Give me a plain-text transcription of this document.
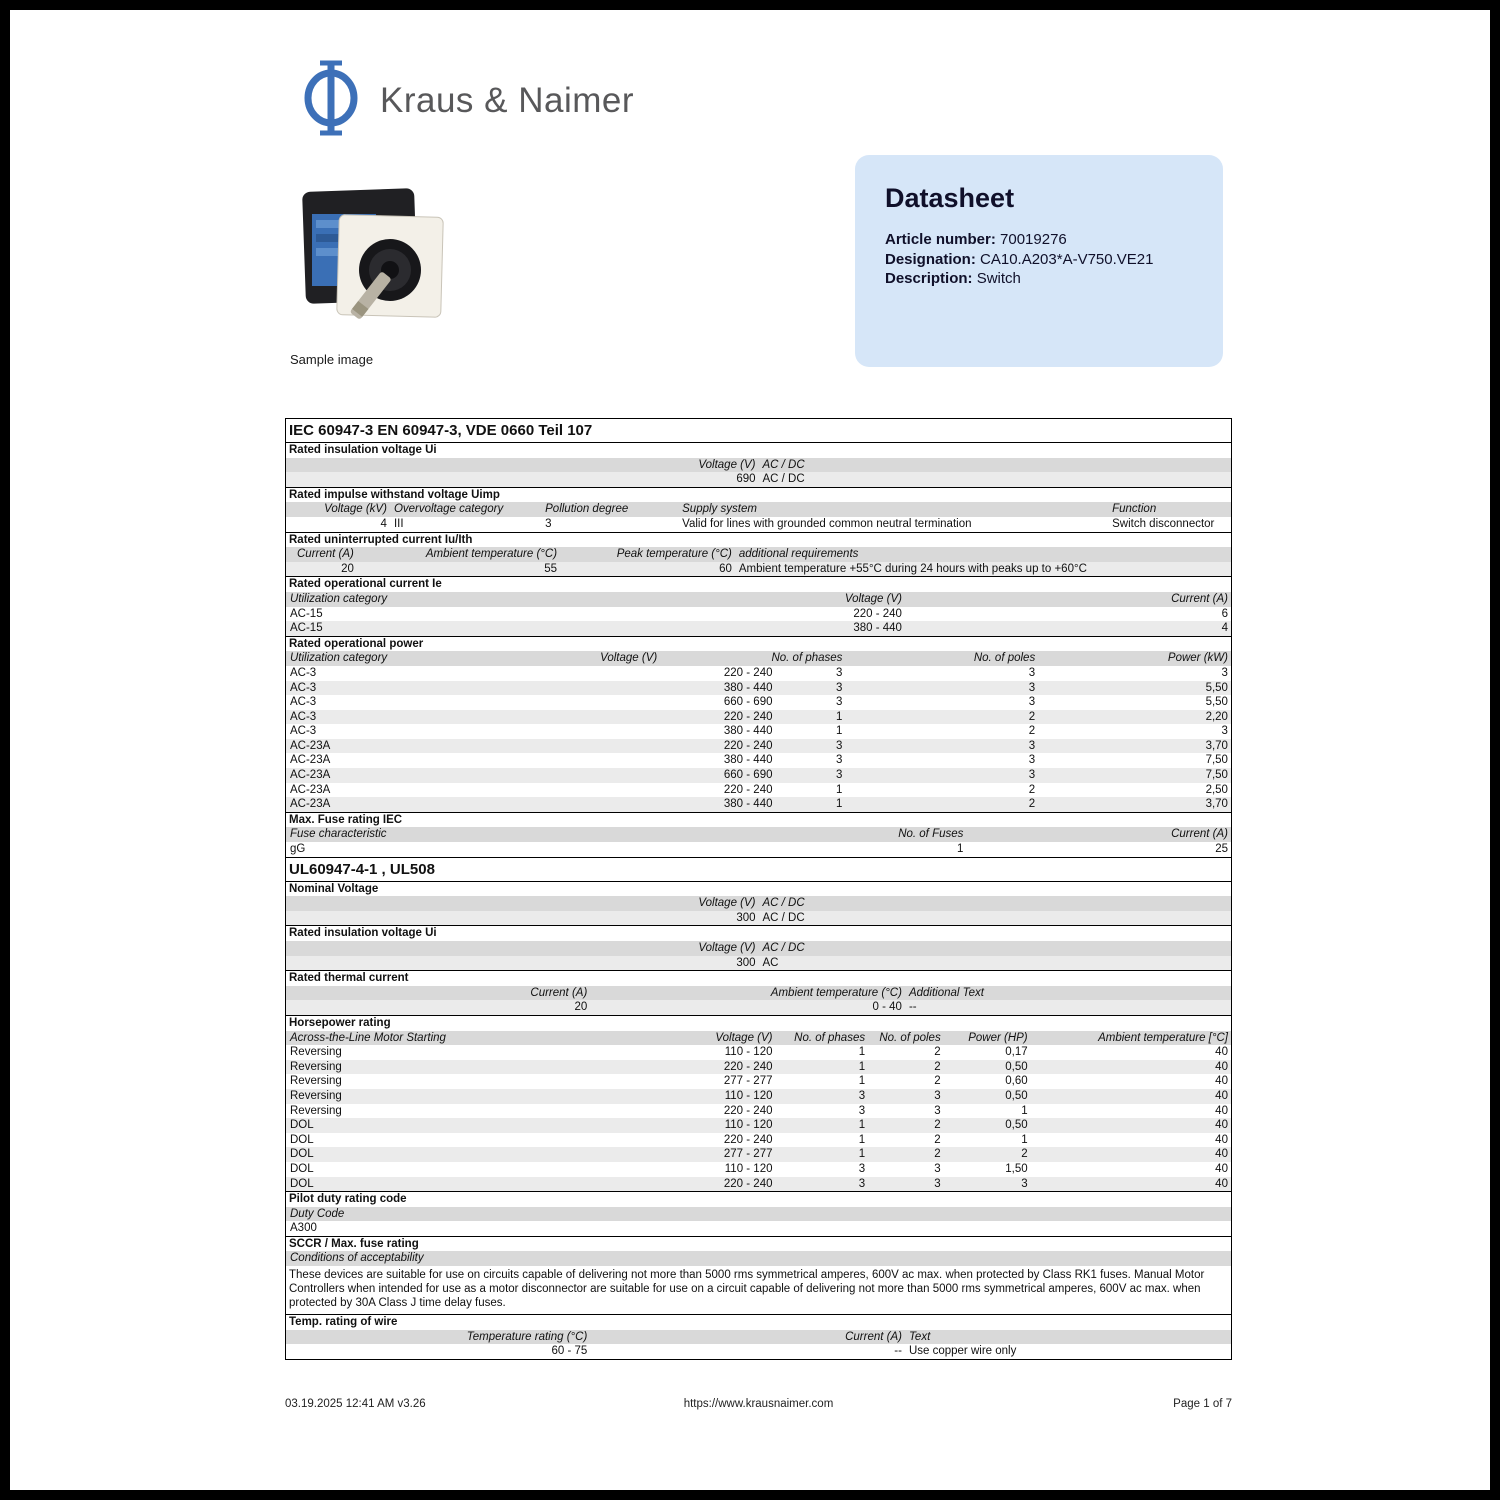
Kraus & Naimer
Sample image
Datasheet
Article number: 70019276
Designation: CA10.A203*A-V750.VE21
Description: Switch
IEC 60947-3 EN 60947-3, VDE 0660 Teil 107
Rated insulation voltage Ui
Voltage (V) AC / DC
690 AC / DC
Rated impulse withstand voltage Uimp
Voltage (kV) Overvoltage category	Pollution degree	Supply system	Function
4 III	3	Valid for lines with grounded common neutral termination	Switch disconnector
Rated uninterrupted current Iu/Ith
Current (A)	Ambient temperature (°C)	Peak temperature (°C) additional requirements
20	55	60 Ambient temperature +55°C during 24 hours with peaks up to +60°C
Rated operational current Ie
Utilization category	Voltage (V)	Current (A)
AC-15	220 - 240	6
AC-15	380 - 440	4
Rated operational power
Utilization category	Voltage (V)	No. of phases	No. of poles	Power (kW)
AC-3	220 - 240	3	3	3
AC-3	380 - 440	3	3	5,50
AC-3	660 - 690	3	3	5,50
AC-3	220 - 240	1	2	2,20
AC-3	380 - 440	1	2	3
AC-23A	220 - 240	3	3	3,70
AC-23A	380 - 440	3	3	7,50
AC-23A	660 - 690	3	3	7,50
AC-23A	220 - 240	1	2	2,50
AC-23A	380 - 440	1	2	3,70
Max. Fuse rating IEC
Fuse characteristic	No. of Fuses	Current (A)
gG	1	25
UL60947-4-1 , UL508
Nominal Voltage
Voltage (V) AC / DC
300 AC / DC
Rated insulation voltage Ui
Voltage (V) AC / DC
300 AC
Rated thermal current
Current (A)	Ambient temperature (°C) Additional Text
20	0 - 40 --
Horsepower rating
Across-the-Line Motor Starting	Voltage (V)	No. of phases	No. of poles	Power (HP)	Ambient temperature [°C]
Reversing	110 - 120	1	2	0,17	40
Reversing	220 - 240	1	2	0,50	40
Reversing	277 - 277	1	2	0,60	40
Reversing	110 - 120	3	3	0,50	40
Reversing	220 - 240	3	3	1	40
DOL	110 - 120	1	2	0,50	40
DOL	220 - 240	1	2	1	40
DOL	277 - 277	1	2	2	40
DOL	110 - 120	3	3	1,50	40
DOL	220 - 240	3	3	3	40
Pilot duty rating code
Duty Code
A300
SCCR / Max. fuse rating
Conditions of acceptability
These devices are suitable for use on circuits capable of delivering not more than 5000 rms symmetrical amperes, 600V ac max. when protected by Class RK1 fuses. Manual Motor Controllers when intended for use as a motor disconnector are suitable for use on a circuit capable of delivering not more than 5000 rms symmetrical amperes, 600V ac max. when protected by 30A Class J time delay fuses.
Temp. rating of wire
Temperature rating (°C)	Current (A) Text
60 - 75	-- Use copper wire only
03.19.2025 12:41 AM v3.26	https://www.krausnaimer.com	Page 1 of 7
